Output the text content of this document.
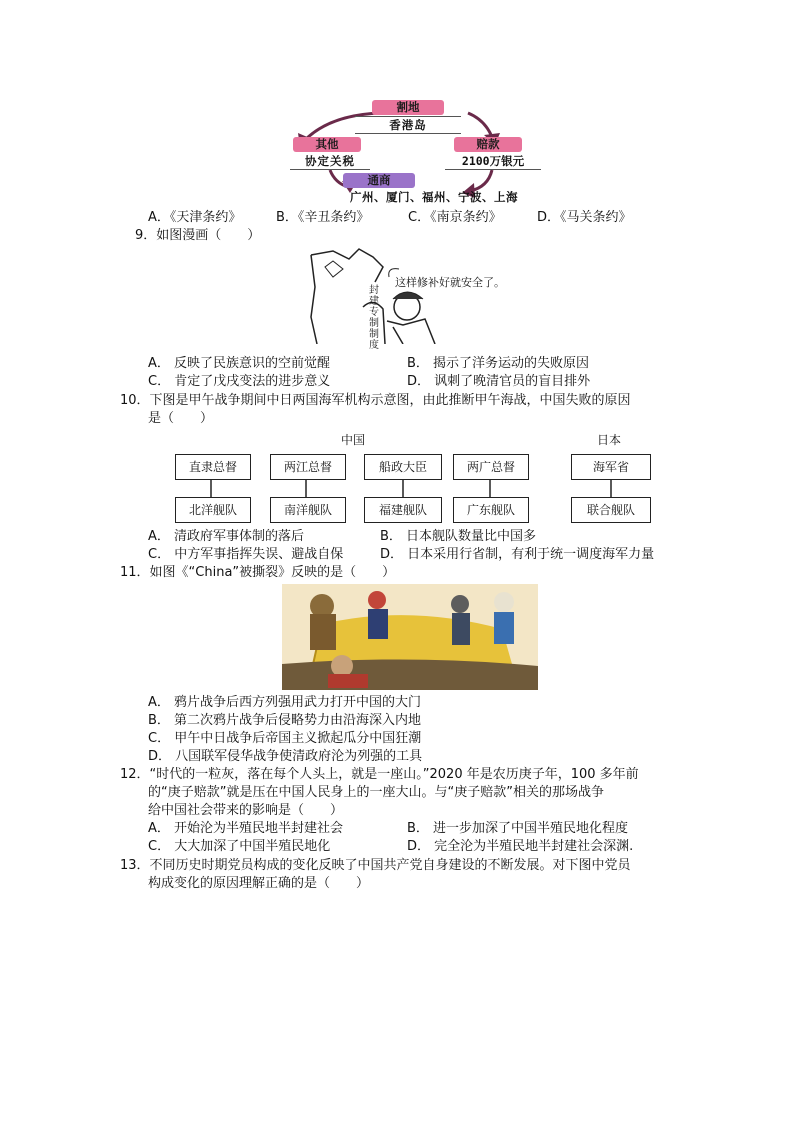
割地
香港岛
其他
协定关税
赔款
2100万银元
通商
广州、厦门、福州、宁波、上海
A．《天津条约》	B．《辛丑条约》	C．《南京条约》	D．《马关条约》
9．如图漫画（　　）
这样修补好就安全了。
封建专制制度
A． 反映了民族意识的空前觉醒	B． 揭示了洋务运动的失败原因
C． 肯定了戊戌变法的进步意义	D． 讽刺了晚清官员的盲目排外
10．下图是甲午战争期间中日两国海军机构示意图，由此推断甲午海战，中国失败的原因
是（　　）
中国	日本
直隶总督	两江总督	船政大臣	两广总督	海军省
北洋舰队	南洋舰队	福建舰队	广东舰队	联合舰队
A． 清政府军事体制的落后	B． 日本舰队数量比中国多
C． 中方军事指挥失误、避战自保	D． 日本采用行省制，有利于统一调度海军力量
11．如图《“China”被撕裂》反映的是（　　）
A． 鸦片战争后西方列强用武力打开中国的大门
B． 第二次鸦片战争后侵略势力由沿海深入内地
C． 甲午中日战争后帝国主义掀起瓜分中国狂潮
D． 八国联军侵华战争使清政府沦为列强的工具
12．“时代的一粒灰，落在每个人头上，就是一座山。”2020 年是农历庚子年，100 多年前
的“庚子赔款”就是压在中国人民身上的一座大山。与“庚子赔款”相关的那场战争
给中国社会带来的影响是（　　）
A． 开始沦为半殖民地半封建社会	B． 进一步加深了中国半殖民地化程度
C． 大大加深了中国半殖民地化	D． 完全沦为半殖民地半封建社会深渊.
13．不同历史时期党员构成的变化反映了中国共产党自身建设的不断发展。对下图中党员
构成变化的原因理解正确的是（　　）
